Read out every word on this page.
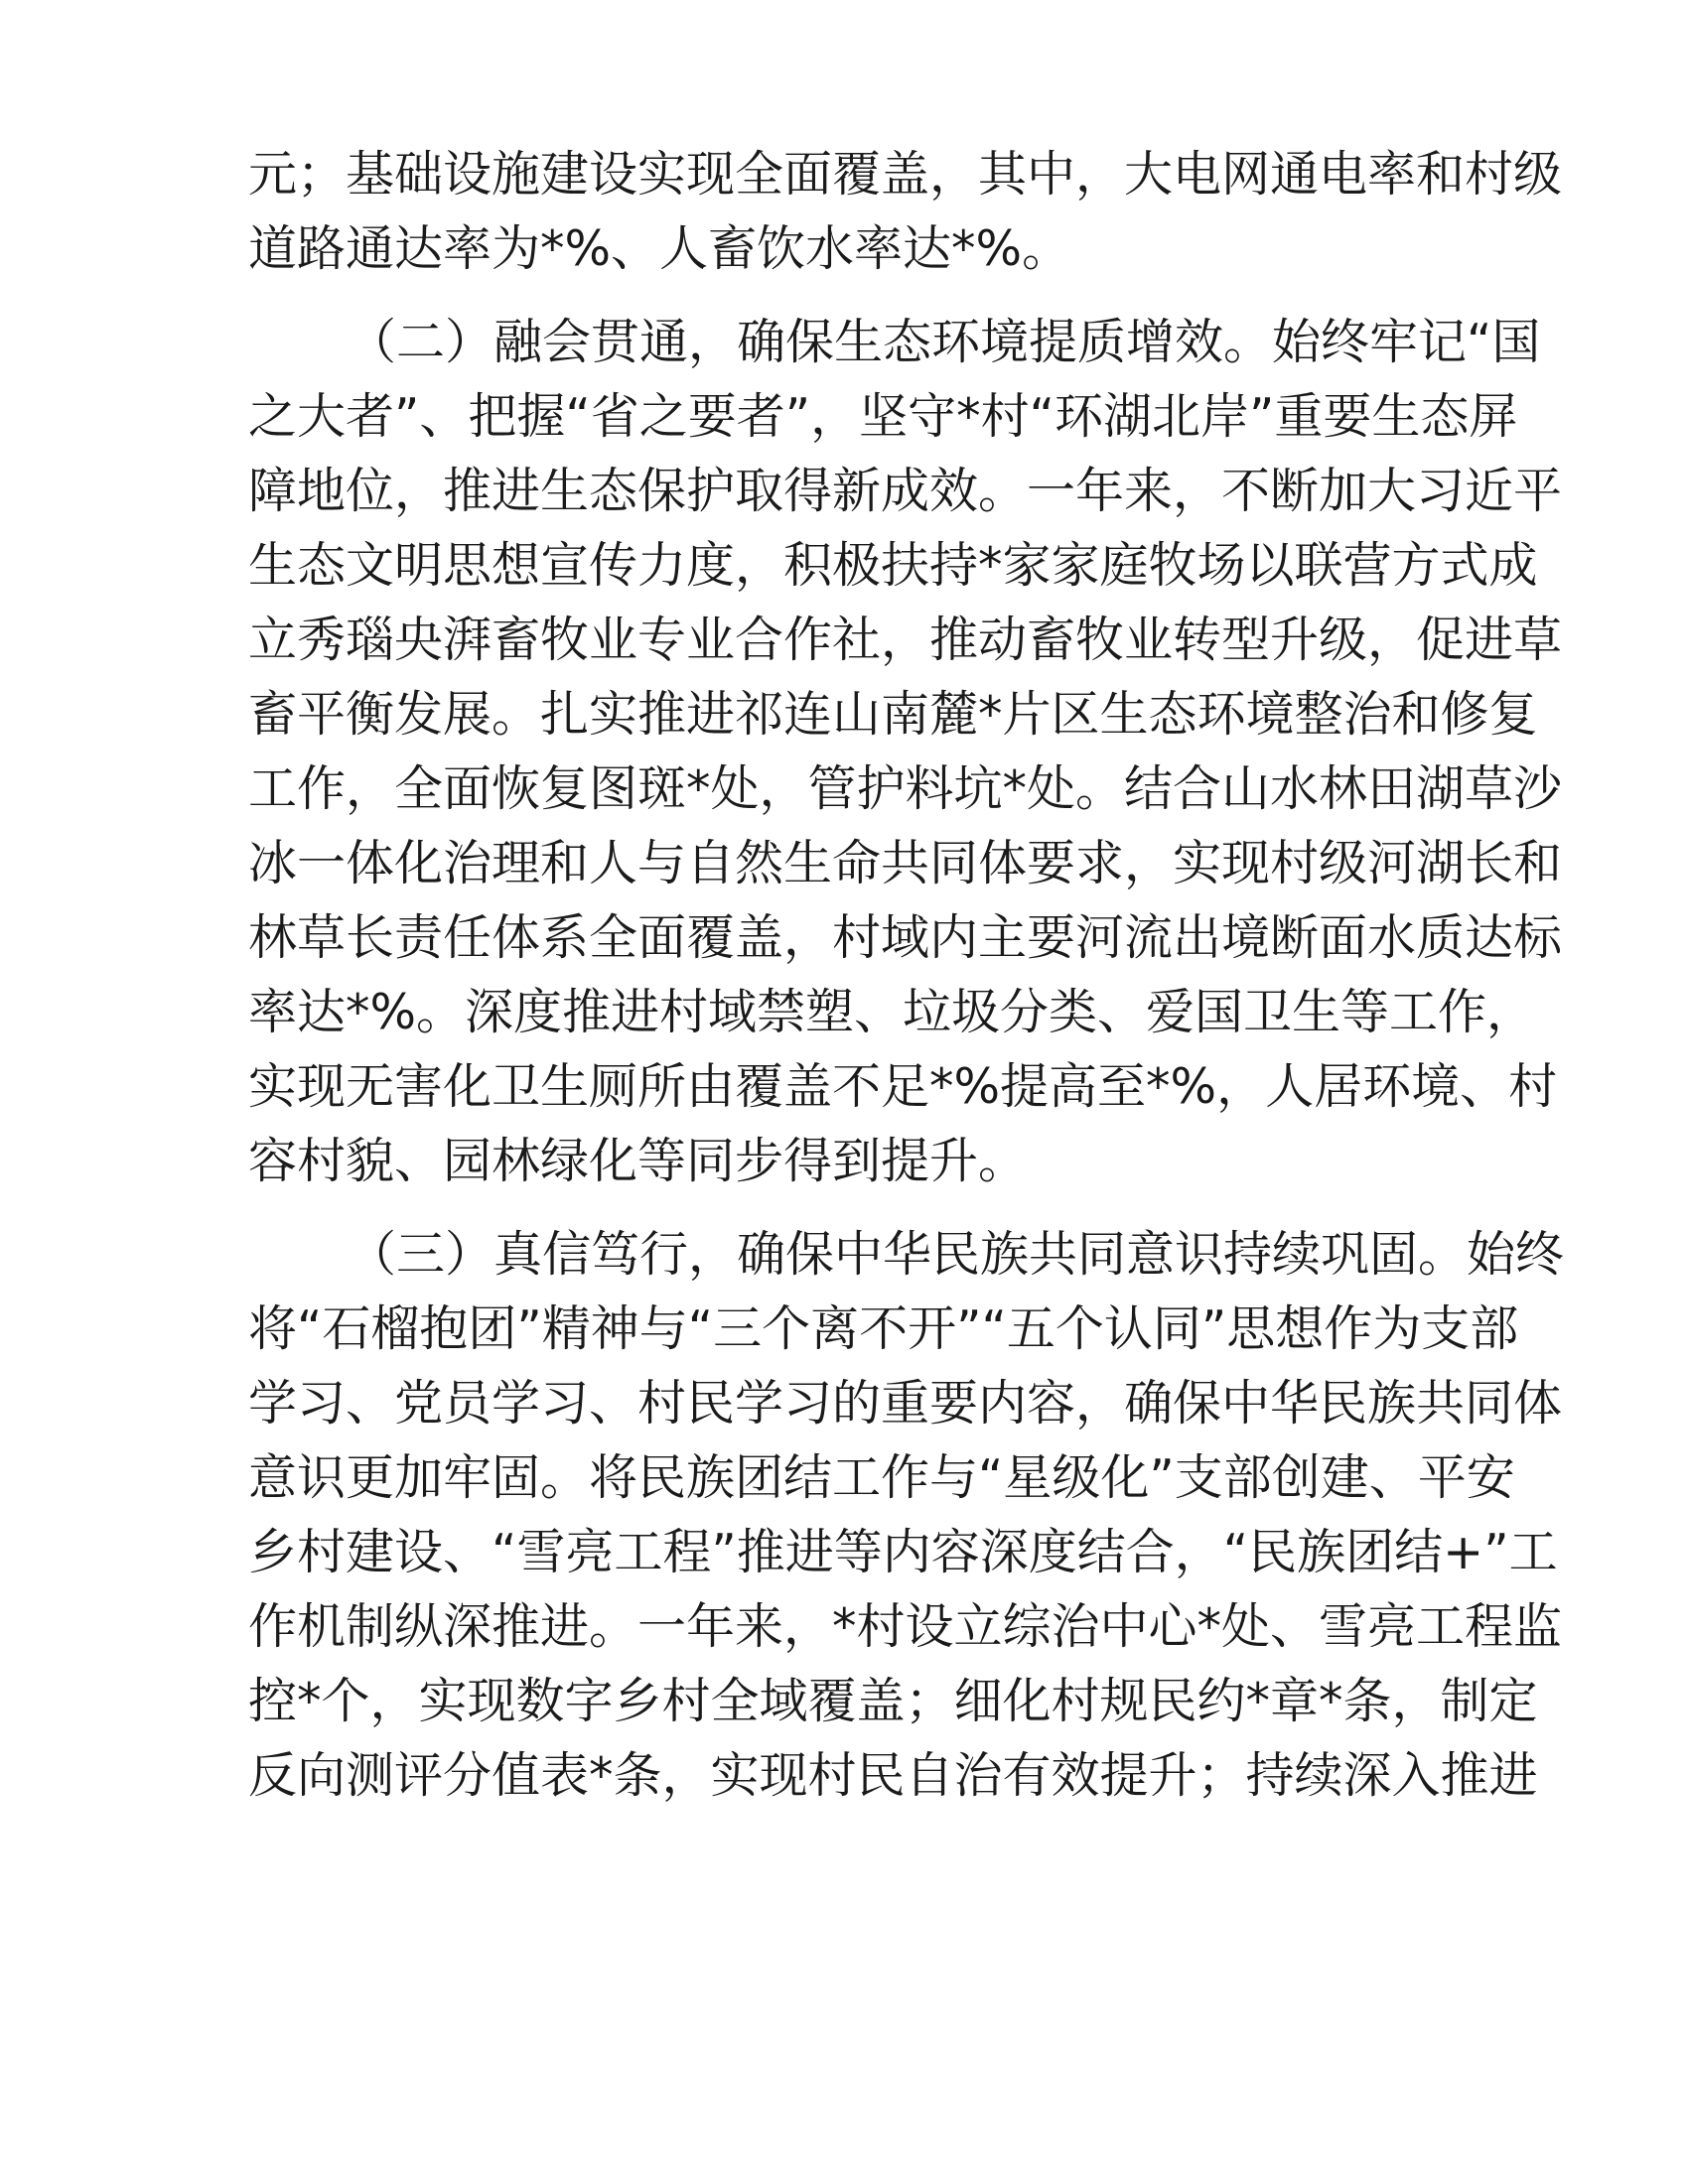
元；基础设施建设实现全面覆盖，其中，大电网通电率和村级
道路通达率为*%、人畜饮水率达*%。
（二）融会贯通，确保生态环境提质增效。始终牢记“国
之大者”、把握“省之要者”，坚守*村“环湖北岸”重要生态屏
障地位，推进生态保护取得新成效。一年来，不断加大习近平
生态文明思想宣传力度，积极扶持*家家庭牧场以联营方式成
立秀瑙央湃畜牧业专业合作社，推动畜牧业转型升级，促进草
畜平衡发展。扎实推进祁连山南麓*片区生态环境整治和修复
工作，全面恢复图斑*处，管护料坑*处。结合山水林田湖草沙
冰一体化治理和人与自然生命共同体要求，实现村级河湖长和
林草长责任体系全面覆盖，村域内主要河流出境断面水质达标
率达*%。深度推进村域禁塑、垃圾分类、爱国卫生等工作，
实现无害化卫生厕所由覆盖不足*%提高至*%，人居环境、村
容村貌、园林绿化等同步得到提升。
（三）真信笃行，确保中华民族共同意识持续巩固。始终
将“石榴抱团”精神与“三个离不开”“五个认同”思想作为支部
学习、党员学习、村民学习的重要内容，确保中华民族共同体
意识更加牢固。将民族团结工作与“星级化”支部创建、平安
乡村建设、“雪亮工程”推进等内容深度结合，“民族团结+”工
作机制纵深推进。一年来，*村设立综治中心*处、雪亮工程监
控*个，实现数字乡村全域覆盖；细化村规民约*章*条，制定
反向测评分值表*条，实现村民自治有效提升；持续深入推进
